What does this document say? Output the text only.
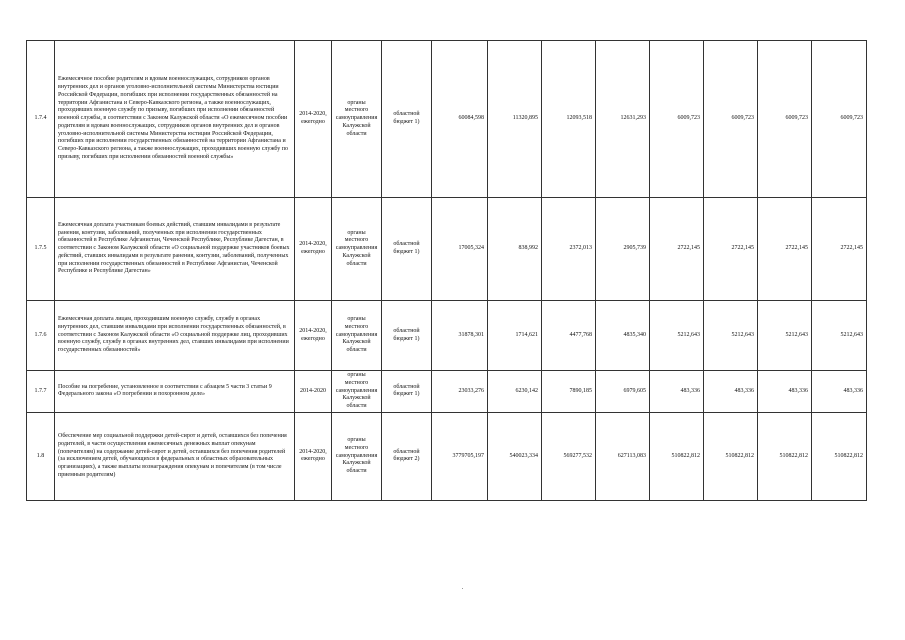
1.7.4	Ежемесячное пособие родителям и вдовам военнослужащих, сотрудников органов внутренних дел и органов уголовно-исполнительной системы Министерства юстиции Российской Федерации, погибших при исполнении государственных обязанностей на территории Афганистана и Северо-Кавказского региона, а также военнослужащих, проходивших военную службу по призыву, погибших при исполнении обязанностей военной службы, в соответствии с Законом Калужской области «О ежемесячном пособии родителям и вдовам военнослужащих, сотрудников органов внутренних дел и органов уголовно-исполнительной системы Министерства юстиции Российской Федерации, погибших при исполнении государственных обязанностей на территории Афганистана и Северо-Кавказского региона, а также военнослужащих, проходивших военную службу по призыву, погибших при исполнении обязанностей военной службы»	2014-2020, ежегодно	органы местного самоуправления Калужской области	областной бюджет 1)	60084,598	11320,895	12093,518	12631,293	6009,723	6009,723	6009,723	6009,723
1.7.5	Ежемесячная доплата участникам боевых действий, ставшим инвалидами в результате ранения, контузии, заболеваний, полученных при исполнении государственных обязанностей в Республике Афганистан, Чеченской Республике, Республике Дагестан, в соответствии с Законом Калужской области «О социальной поддержке участников боевых действий, ставших инвалидами в результате ранения, контузии, заболеваний, полученных при исполнении государственных обязанностей в Республике Афганистан, Чеченской Республике и Республике Дагестан»	2014-2020, ежегодно	органы местного самоуправления Калужской области	областной бюджет 1)	17005,324	838,992	2372,013	2905,739	2722,145	2722,145	2722,145	2722,145
1.7.6	Ежемесячная доплата лицам, проходившим военную службу, службу в органах внутренних дел, ставшим инвалидами при исполнении государственных обязанностей, в соответствии с Законом Калужской области «О социальной поддержке лиц, проходивших военную службу, службу в органах внутренних дел, ставших инвалидами при исполнении государственных обязанностей»	2014-2020, ежегодно	органы местного самоуправления Калужской области	областной бюджет 1)	31878,301	1714,621	4477,768	4835,340	5212,643	5212,643	5212,643	5212,643
1.7.7	Пособие на погребение, установленное в соответствии с абзацем 5 части 3 статьи 9 Федерального закона «О погребении и похоронном деле»	2014-2020	органы местного самоуправления Калужской области	областной бюджет 1)	23033,276	6230,142	7890,185	6979,605	483,336	483,336	483,336	483,336
1.8	Обеспечение мер социальной поддержки детей-сирот и детей, оставшихся без попечения родителей, в части осуществления ежемесячных денежных выплат опекунам (попечителям) на содержание детей-сирот и детей, оставшихся без попечения родителей (за исключением детей, обучающихся в федеральных и областных образовательных организациях), а также выплаты вознаграждения опекунам и попечителям (в том числе приемным родителям)	2014-2020, ежегодно	органы местного самоуправления Калужской области	областной бюджет 2)	3779705,197	540023,334	569277,532	627113,083	510822,812	510822,812	510822,812	510822,812
